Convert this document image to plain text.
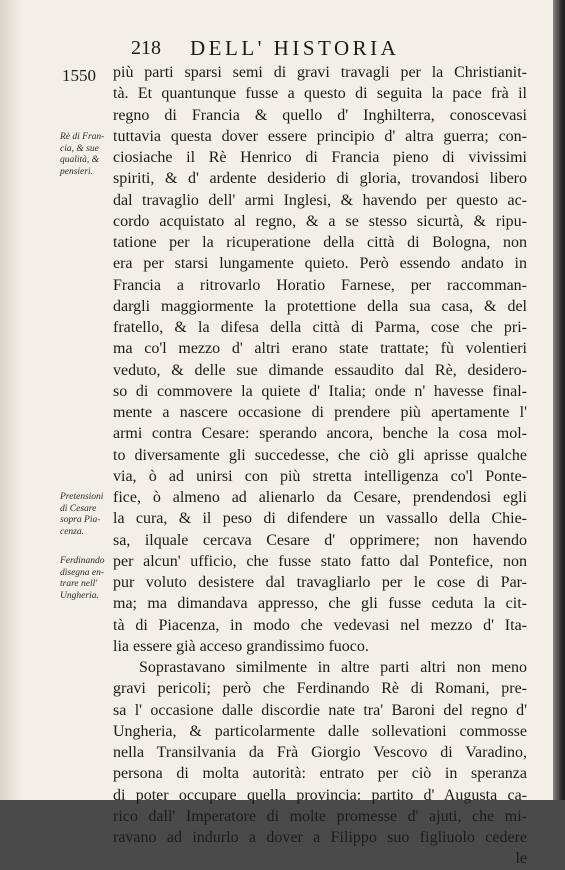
218 DELL' HISTORIA
1550
Rè di Fran-
cia, & sue
qualità, &
pensieri.
Pretensioni
di Cesare
sopra Pia-
cenza.
Ferdinando
disegna en-
trare nell'
Ungheria.
più parti sparsi semi di gravi travagli per la Christianit-
tà. Et quantunque fusse a questo di seguita la pace frà il
regno di Francia & quello d' Inghilterra, conoscevasi
tuttavia questa dover essere principio d' altra guerra; con-
ciosiache il Rè Henrico di Francia pieno di vivissimi
spiriti, & d' ardente desiderio di gloria, trovandosi libero
dal travaglio dell' armi Inglesi, & havendo per questo ac-
cordo acquistato al regno, & a se stesso sicurtà, & ripu-
tatione per la ricuperatione della città di Bologna, non
era per starsi lungamente quieto. Però essendo andato in
Francia a ritrovarlo Horatio Farnese, per raccomman-
dargli maggiormente la protettione della sua casa, & del
fratello, & la difesa della città di Parma, cose che pri-
ma co'l mezzo d' altri erano state trattate; fù volentieri
veduto, & delle sue dimande essaudito dal Rè, desidero-
so di commovere la quiete d' Italia; onde n' havesse final-
mente a nascere occasione di prendere più apertamente l'
armi contra Cesare: sperando ancora, benche la cosa mol-
to diversamente gli succedesse, che ciò gli aprisse qualche
via, ò ad unirsi con più stretta intelligenza co'l Ponte-
fice, ò almeno ad alienarlo da Cesare, prendendosi egli
la cura, & il peso di difendere un vassallo della Chie-
sa, ilquale cercava Cesare d' opprimere; non havendo
per alcun' ufficio, che fusse stato fatto dal Pontefice, non
pur voluto desistere dal travagliarlo per le cose di Par-
ma; ma dimandava appresso, che gli fusse ceduta la cit-
tà di Piacenza, in modo che vedevasi nel mezzo d' Ita-
lia essere già acceso grandissimo fuoco.
Soprastavano similmente in altre parti altri non meno
gravi pericoli; però che Ferdinando Rè di Romani, pre-
sa l' occasione dalle discordie nate tra' Baroni del regno d'
Ungheria, & particolarmente dalle sollevationi commosse
nella Transilvania da Frà Giorgio Vescovo di Varadino,
persona di molta autorità: entrato per ciò in speranza
di poter occupare quella provincia: partito d' Augusta ca-
rico dall' Imperatore di molte promesse d' ajuti, che mi-
ravano ad indurlo a dover a Filippo suo figliuolo cedere
le
